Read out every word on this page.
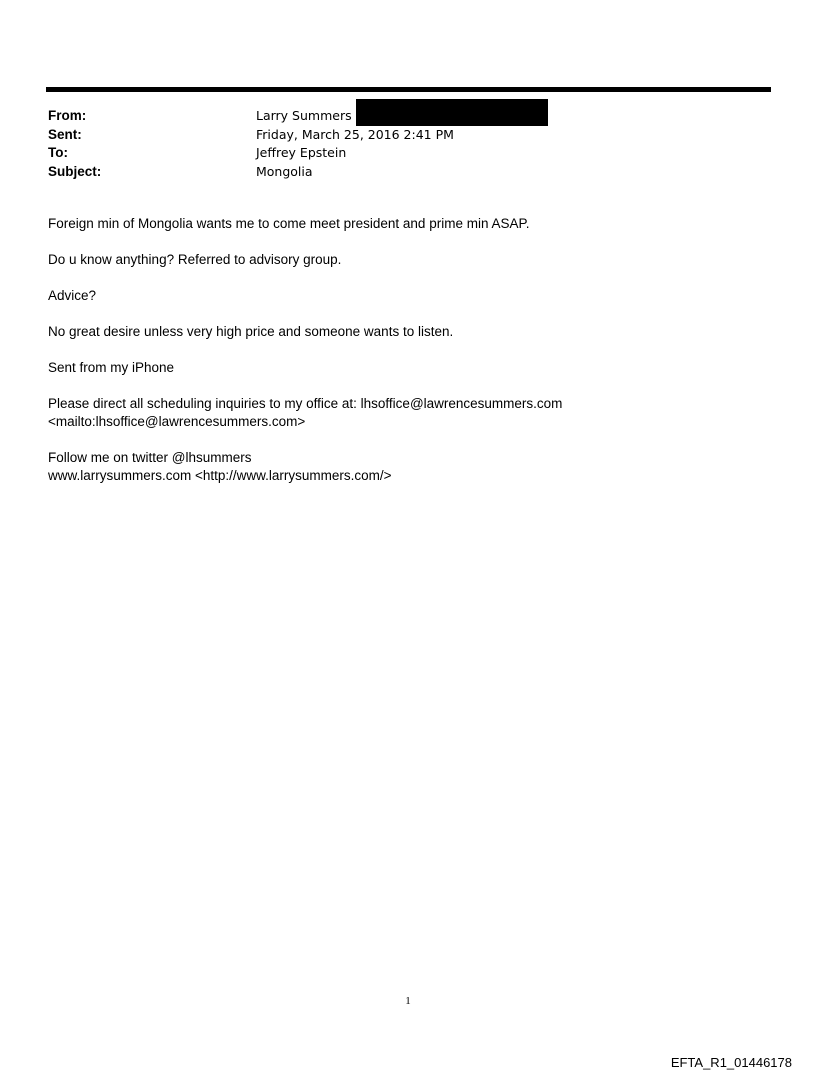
From:	Larry Summers
Sent:	Friday, March 25, 2016 2:41 PM
To:	Jeffrey Epstein
Subject:	Mongolia

Foreign min of Mongolia wants me to come meet president and prime min ASAP.

Do u know anything? Referred to advisory group.

Advice?

No great desire unless very high price and someone wants to listen.

Sent from my iPhone

Please direct all scheduling inquiries to my office at: lhsoffice@lawrencesummers.com

<mailto:lhsoffice@lawrencesummers.com>

Follow me on twitter @lhsummers

www.larrysummers.com <http://www.larrysummers.com/>

1
EFTA_R1_01446178
